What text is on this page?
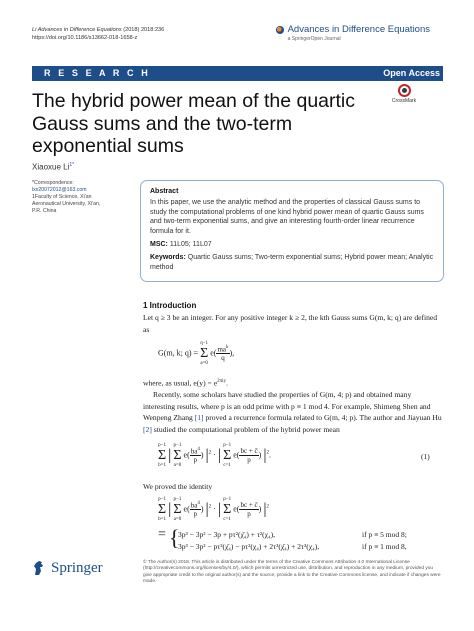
Li Advances in Difference Equations (2018) 2018:236
https://doi.org/10.1186/s13662-018-1658-z
Advances in Difference Equations
a SpringerOpen Journal
R E S E A R C H	Open Access
CrossMark
The hybrid power mean of the quartic Gauss sums and the two-term exponential sums
Xiaoxue $Li^{1*}$
*Correspondence:
lxx20072012@163.com
1Faculty of Science, Xi'an
Aeronautical University, Xi'an,
P.R. China
Abstract
In this paper, we use the analytic method and the properties of classical Gauss sums to study the computational problems of one kind hybrid power mean of quartic Gauss sums and two-term exponential sums, and give an interesting fourth-order linear recurrence formula for it.
MSC: 11L05; 11L07
Keywords: Quartic Gauss sums; Two-term exponential sums; Hybrid power mean; Analytic method
1 Introduction
Let q ≥ 3 be an integer. For any positive integer k ≥ 2, the kth Gauss sums G(m, k; q) are defined as
G(m, k; q) =
q−1
Σ
a=0
$e( \frac{ma^k}{q}$ ),
where, as usual, $e(y) = e^{2\pi iy}$.
Recently, some scholars have studied the properties of G(m, 4; p) and obtained many interesting results, where p is an odd prime with p ≡ 1 mod 4. For example, Shimeng Shen and Wenpeng Zhang [1] proved a recurrence formula related to G(m, 4; p). The author and Jiayuan Hu [2] studied the computational problem of the hybrid power mean
p−1
Σ
b=1
|
p−1
Σ
a=0
$e( \frac{ba^4}{p}$ ) $|^2$ · |
p−1
Σ
c=1
$e( \frac{bc + c̄}{p}$ ) $|^2$.	(1)
We proved the identity
p−1
Σ
b=1
|
p−1
Σ
a=0
$e( \frac{ba^4}{p}$ ) $|^2$ · |
p−1
Σ
c=1
$e( \frac{bc + c̄}{p}$ ) $|^2$
= {
3p³ − 3p² − 3p + pτ²(χ̄₄) + τ²(χ₄),	if p ≡ 5 mod 8;
3p³ − 3p² − pτ²(χ̄₄) − pτ²(χ₄) + 2τ³(χ̄₄) + 2τ³(χ₄),	if p ≡ 1 mod 8,
Springer	© The Author(s) 2018. This article is distributed under the terms of the Creative Commons Attribution 4.0 International License (http://creativecommons.org/licenses/by/4.0/), which permits unrestricted use, distribution, and reproduction in any medium, provided you give appropriate credit to the original author(s) and the source, provide a link to the Creative Commons license, and indicate if changes were made.
